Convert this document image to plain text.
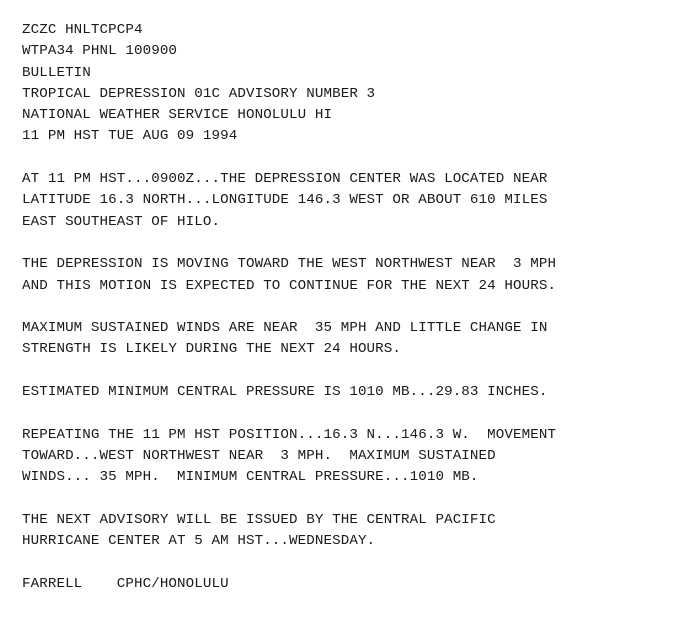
ZCZC HNLTCPCP4
WTPA34 PHNL 100900
BULLETIN
TROPICAL DEPRESSION 01C ADVISORY NUMBER 3
NATIONAL WEATHER SERVICE HONOLULU HI
11 PM HST TUE AUG 09 1994
AT 11 PM HST...0900Z...THE DEPRESSION CENTER WAS LOCATED NEAR
LATITUDE 16.3 NORTH...LONGITUDE 146.3 WEST OR ABOUT 610 MILES
EAST SOUTHEAST OF HILO.
THE DEPRESSION IS MOVING TOWARD THE WEST NORTHWEST NEAR  3 MPH
AND THIS MOTION IS EXPECTED TO CONTINUE FOR THE NEXT 24 HOURS.
MAXIMUM SUSTAINED WINDS ARE NEAR  35 MPH AND LITTLE CHANGE IN
STRENGTH IS LIKELY DURING THE NEXT 24 HOURS.
ESTIMATED MINIMUM CENTRAL PRESSURE IS 1010 MB...29.83 INCHES.
REPEATING THE 11 PM HST POSITION...16.3 N...146.3 W.  MOVEMENT
TOWARD...WEST NORTHWEST NEAR  3 MPH.  MAXIMUM SUSTAINED
WINDS... 35 MPH.  MINIMUM CENTRAL PRESSURE...1010 MB.
THE NEXT ADVISORY WILL BE ISSUED BY THE CENTRAL PACIFIC
HURRICANE CENTER AT 5 AM HST...WEDNESDAY.
FARRELL    CPHC/HONOLULU
